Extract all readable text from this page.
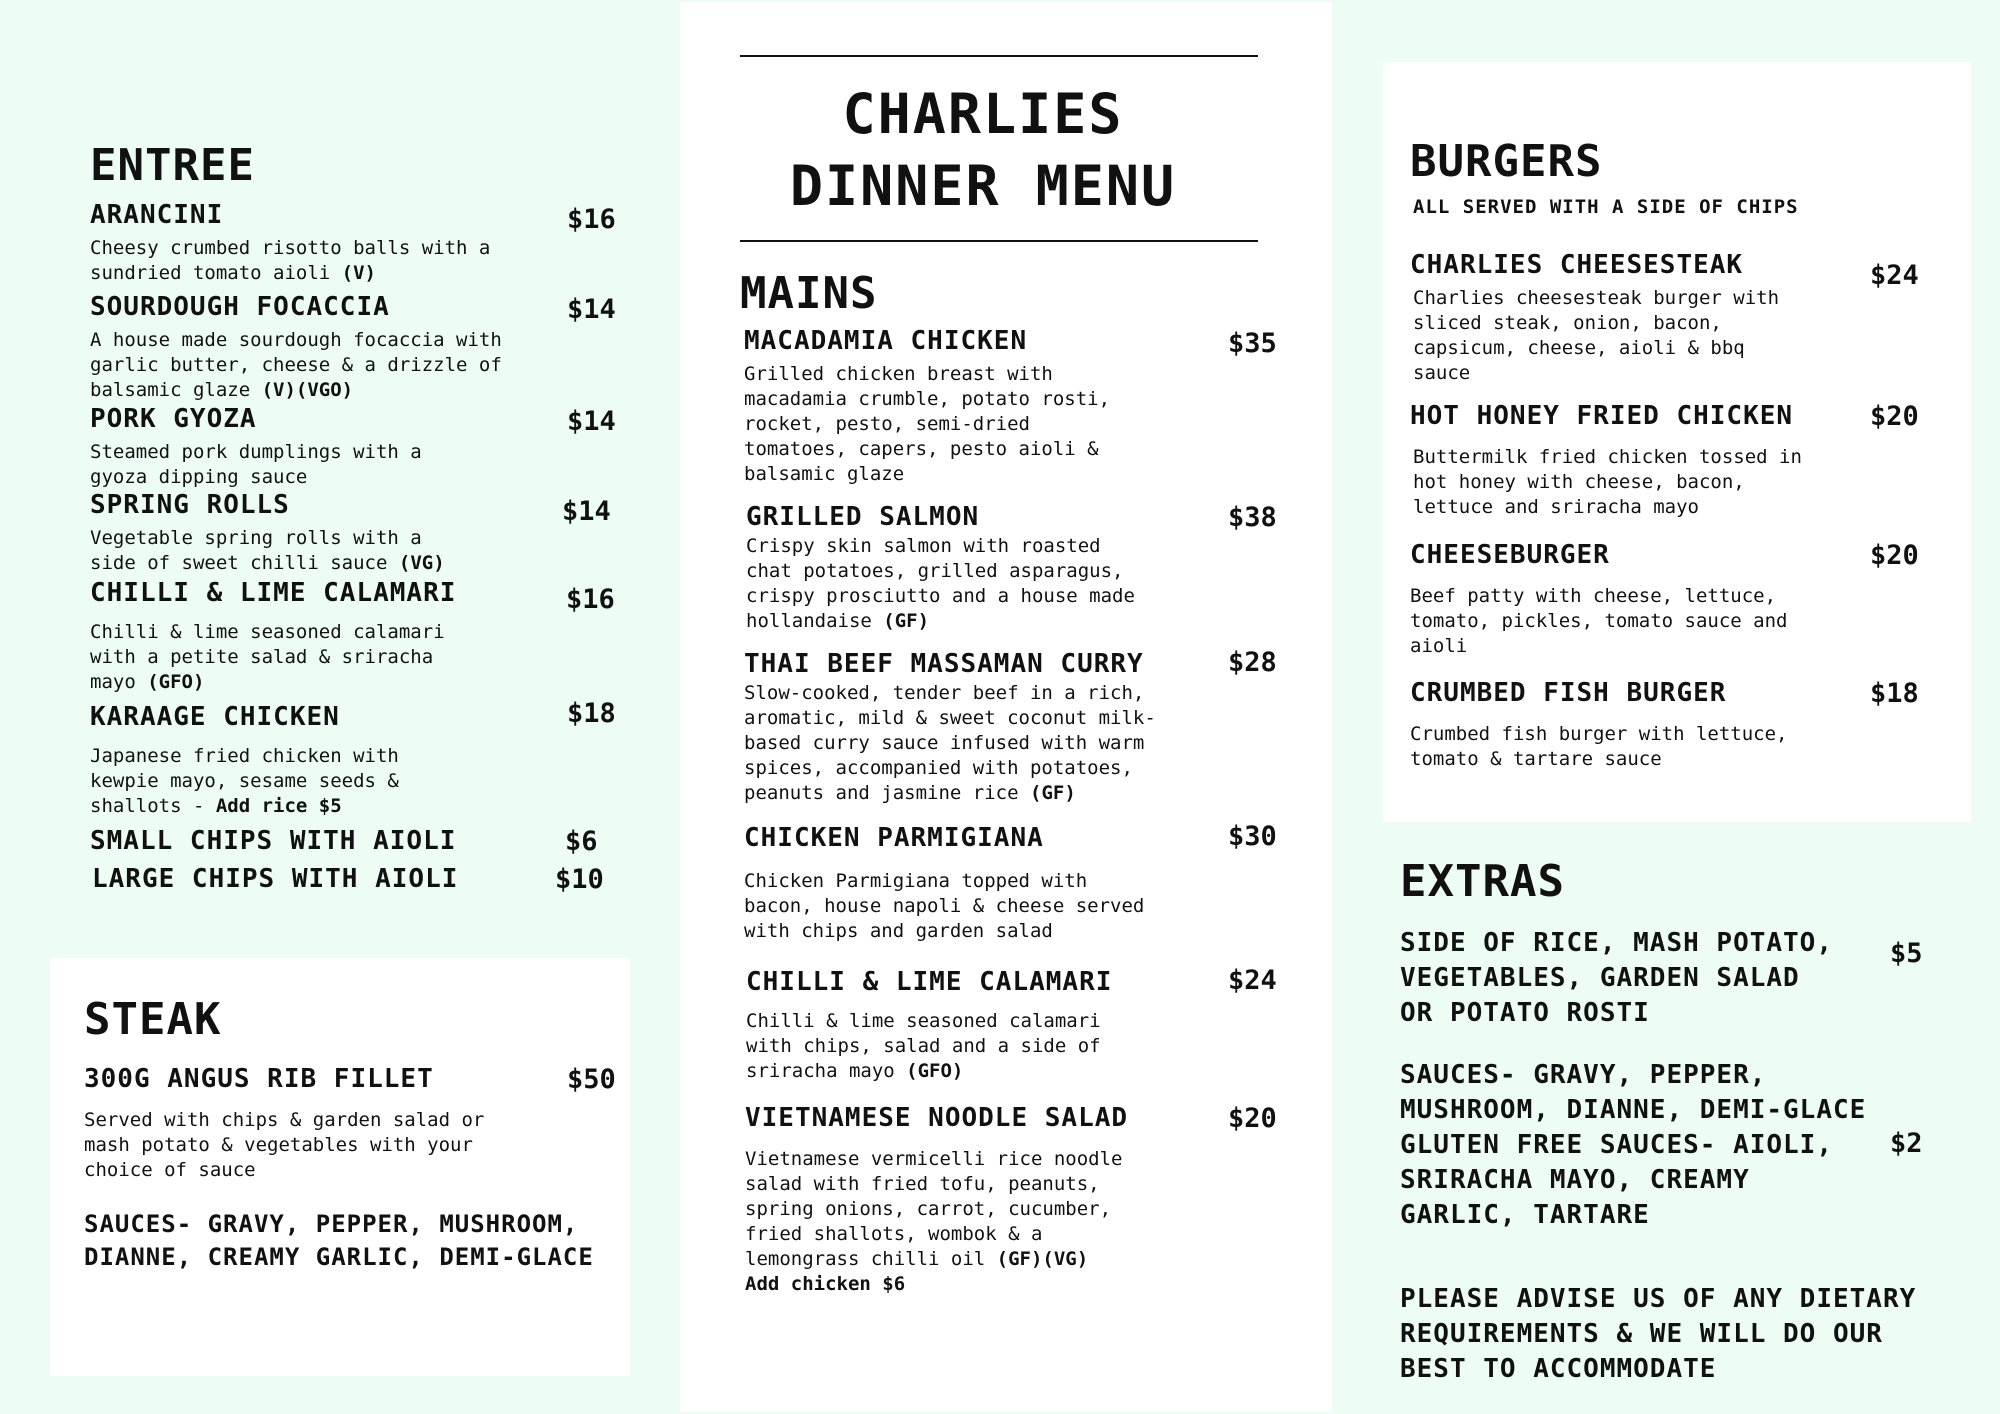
ENTREE
ARANCINI	$16
Cheesy crumbed risotto balls with a sundried tomato aioli (V)
SOURDOUGH FOCACCIA	$14
A house made sourdough focaccia with garlic butter, cheese & a drizzle of balsamic glaze (V)(VGO)
PORK GYOZA	$14
Steamed pork dumplings with a gyoza dipping sauce
SPRING ROLLS	$14
Vegetable spring rolls with a side of sweet chilli sauce (VG)
CHILLI & LIME CALAMARI	$16
Chilli & lime seasoned calamari with a petite salad & sriracha mayo (GFO)
KARAAGE CHICKEN	$18
Japanese fried chicken with kewpie mayo, sesame seeds & shallots - Add rice $5
SMALL CHIPS WITH AIOLI	$6
LARGE CHIPS WITH AIOLI	$10
STEAK
300G ANGUS RIB FILLET	$50
Served with chips & garden salad or mash potato & vegetables with your choice of sauce
SAUCES- GRAVY, PEPPER, MUSHROOM, DIANNE, CREAMY GARLIC, DEMI-GLACE
CHARLIES
DINNER MENU
MAINS
MACADAMIA CHICKEN	$35
Grilled chicken breast with macadamia crumble, potato rosti, rocket, pesto, semi-dried tomatoes, capers, pesto aioli & balsamic glaze
GRILLED SALMON	$38
Crispy skin salmon with roasted chat potatoes, grilled asparagus, crispy prosciutto and a house made hollandaise (GF)
THAI BEEF MASSAMAN CURRY	$28
Slow-cooked, tender beef in a rich, aromatic, mild & sweet coconut milk-based curry sauce infused with warm spices, accompanied with potatoes, peanuts and jasmine rice (GF)
CHICKEN PARMIGIANA	$30
Chicken Parmigiana topped with bacon, house napoli & cheese served with chips and garden salad
CHILLI & LIME CALAMARI	$24
Chilli & lime seasoned calamari with chips, salad and a side of sriracha mayo (GFO)
VIETNAMESE NOODLE SALAD	$20
Vietnamese vermicelli rice noodle salad with fried tofu, peanuts, spring onions, carrot, cucumber, fried shallots, wombok & a lemongrass chilli oil (GF)(VG)
Add chicken $6
BURGERS
ALL SERVED WITH A SIDE OF CHIPS
CHARLIES CHEESESTEAK	$24
Charlies cheesesteak burger with sliced steak, onion, bacon, capsicum, cheese, aioli & bbq sauce
HOT HONEY FRIED CHICKEN	$20
Buttermilk fried chicken tossed in hot honey with cheese, bacon, lettuce and sriracha mayo
CHEESEBURGER	$20
Beef patty with cheese, lettuce, tomato, pickles, tomato sauce and aioli
CRUMBED FISH BURGER	$18
Crumbed fish burger with lettuce, tomato & tartare sauce
EXTRAS
SIDE OF RICE, MASH POTATO, VEGETABLES, GARDEN SALAD OR POTATO ROSTI
$5
SAUCES- GRAVY, PEPPER, MUSHROOM, DIANNE, DEMI-GLACE
GLUTEN FREE SAUCES- AIOLI, SRIRACHA MAYO, CREAMY GARLIC, TARTARE
$2
PLEASE ADVISE US OF ANY DIETARY REQUIREMENTS & WE WILL DO OUR BEST TO ACCOMMODATE
